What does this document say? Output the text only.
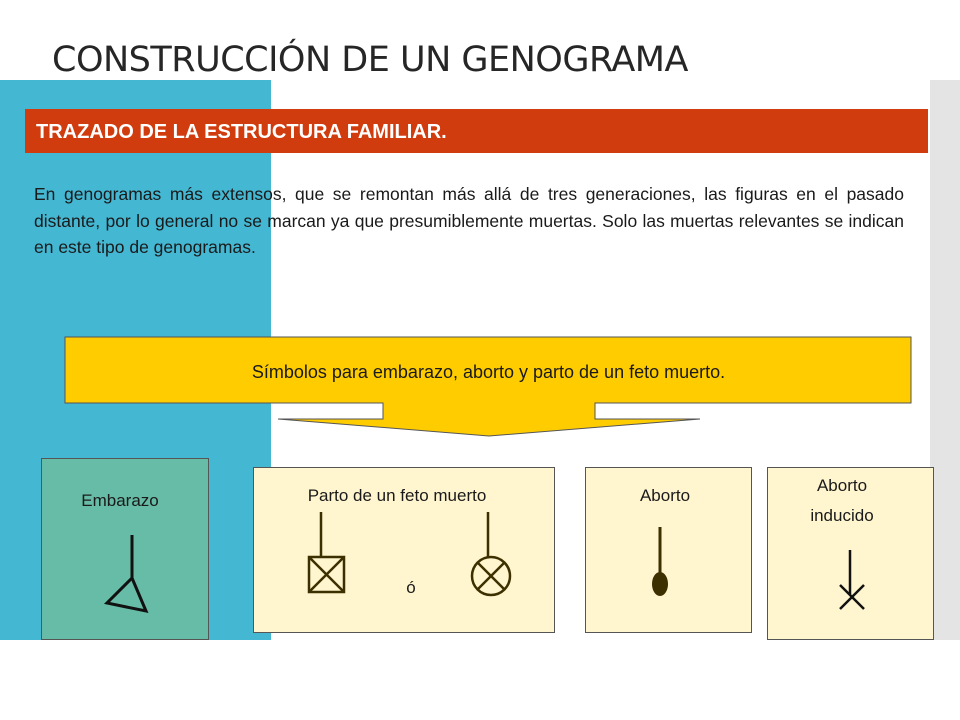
CONSTRUCCIÓN DE UN GENOGRAMA
TRAZADO DE LA ESTRUCTURA FAMILIAR.
En genogramas más extensos, que se remontan más allá de tres generaciones, las figuras en el pasado distante, por lo general no se marcan ya que presumiblemente muertas. Solo las muertas relevantes se indican en este tipo de genogramas.
Símbolos para embarazo, aborto y parto de un feto muerto.
Embarazo	Parto de un feto muerto
ó
Aborto
Aborto
inducido
